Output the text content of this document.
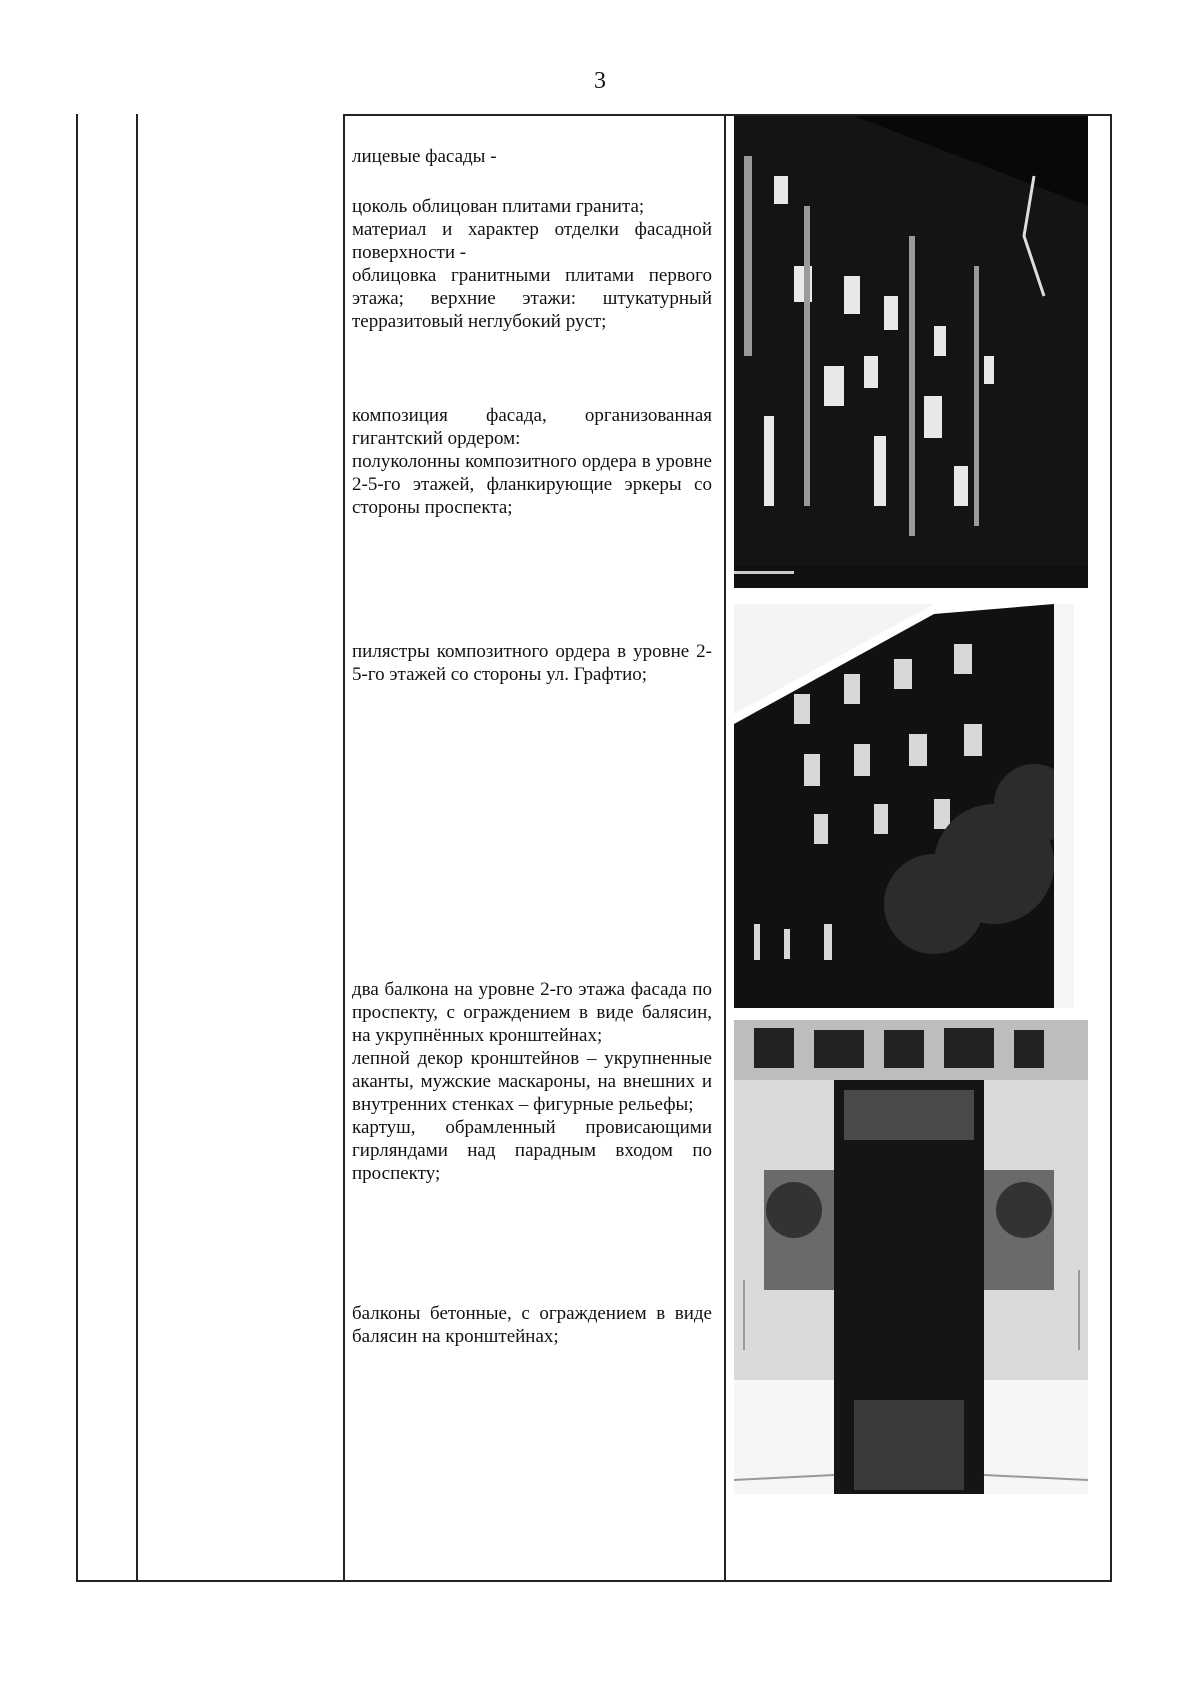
3

лицевые фасады -

цоколь облицован плитами гранита;

материал и характер отделки фасадной поверхности -

облицовка гранитными плитами первого этажа; верхние этажи: штукатурный терразитовый неглубокий руст;

композиция фасада, организованная гигантский ордером:

полуколонны композитного ордера в уровне 2-5-го этажей, фланкирующие эркеры со стороны проспекта;

пилястры композитного ордера в уровне 2-5-го этажей со стороны ул. Графтио;

два балкона на уровне 2-го этажа фасада по проспекту, с ограждением в виде балясин, на укрупнённых кронштейнах;

лепной декор кронштейнов – укрупненные аканты, мужские маскароны, на внешних и внутренних стенках – фигурные рельефы;

картуш, обрамленный провисающими гирляндами над парадным входом по проспекту;

балконы бетонные, с ограждением в виде балясин на кронштейнах;
